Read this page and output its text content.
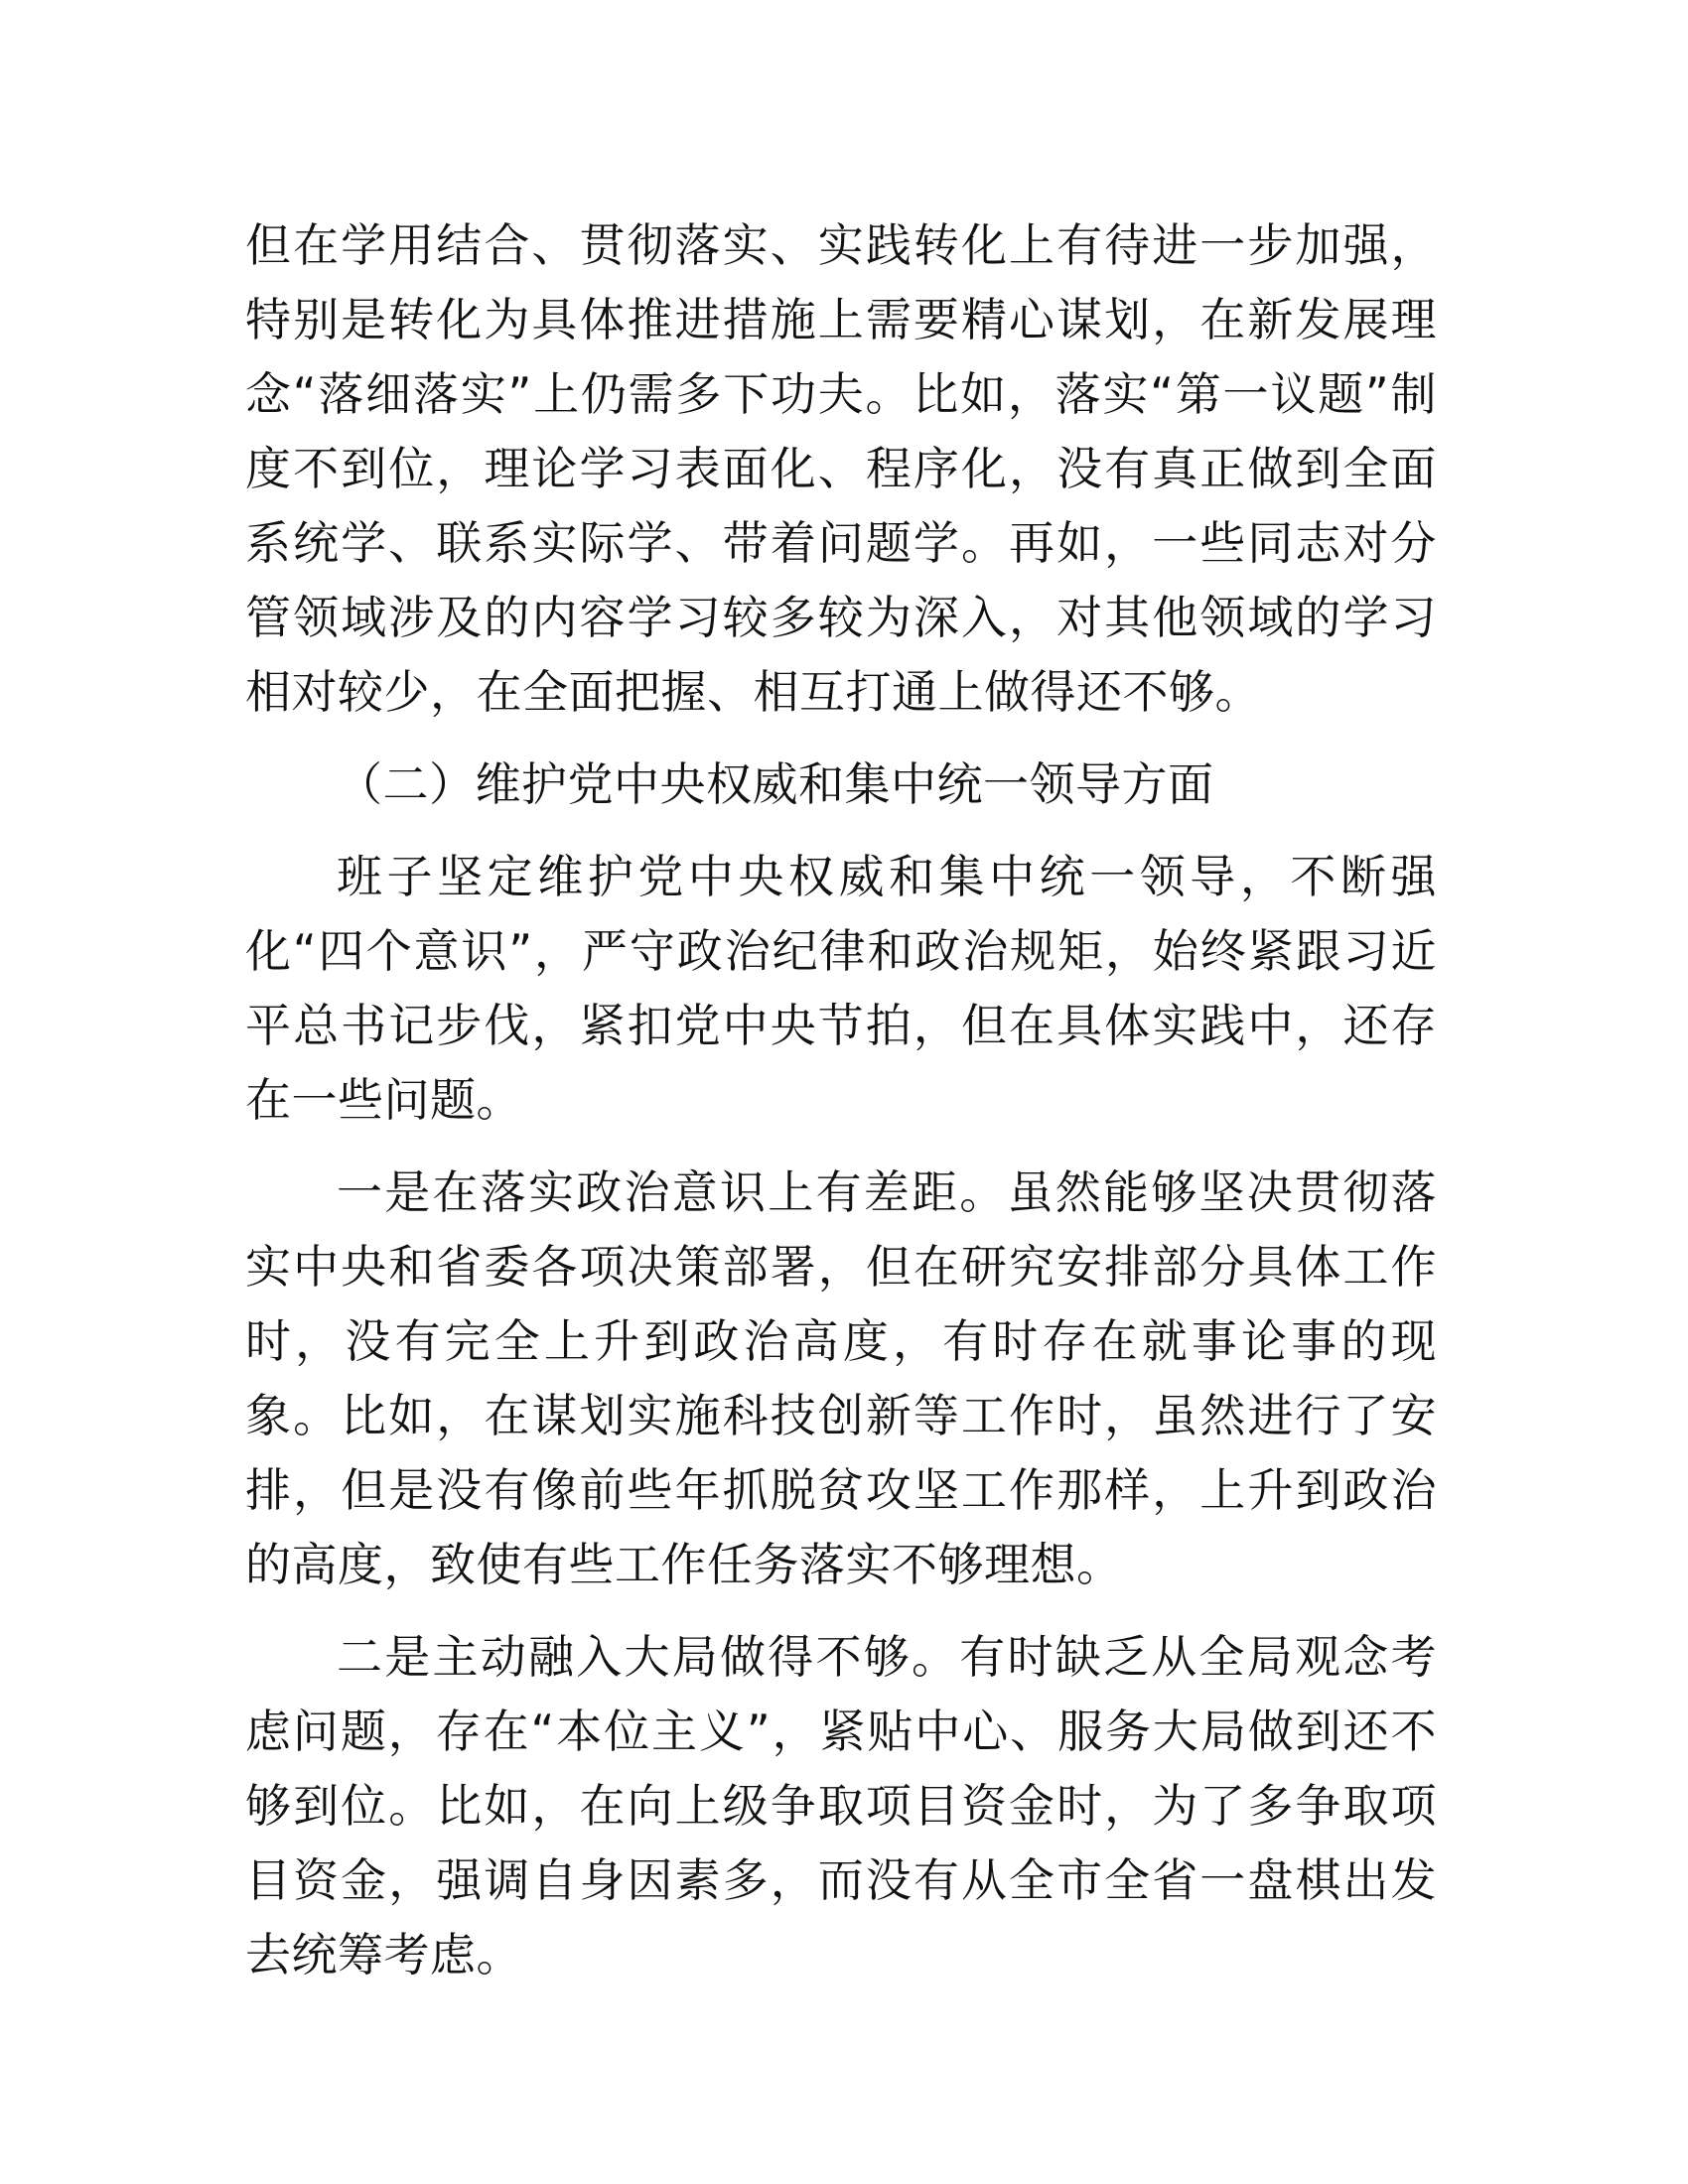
但在学用结合、贯彻落实、实践转化上有待进一步加强，特别是转化为具体推进措施上需要精心谋划，在新发展理念“落细落实”上仍需多下功夫。比如，落实“第一议题”制度不到位，理论学习表面化、程序化，没有真正做到全面系统学、联系实际学、带着问题学。再如，一些同志对分管领域涉及的内容学习较多较为深入，对其他领域的学习相对较少，在全面把握、相互打通上做得还不够。

（二）维护党中央权威和集中统一领导方面

班子坚定维护党中央权威和集中统一领导，不断强化“四个意识”，严守政治纪律和政治规矩，始终紧跟习近平总书记步伐，紧扣党中央节拍，但在具体实践中，还存在一些问题。

一是在落实政治意识上有差距。虽然能够坚决贯彻落实中央和省委各项决策部署，但在研究安排部分具体工作时，没有完全上升到政治高度，有时存在就事论事的现象。比如，在谋划实施科技创新等工作时，虽然进行了安排，但是没有像前些年抓脱贫攻坚工作那样，上升到政治的高度，致使有些工作任务落实不够理想。

二是主动融入大局做得不够。有时缺乏从全局观念考虑问题，存在“本位主义”，紧贴中心、服务大局做到还不够到位。比如，在向上级争取项目资金时，为了多争取项目资金，强调自身因素多，而没有从全市全省一盘棋出发去统筹考虑。
